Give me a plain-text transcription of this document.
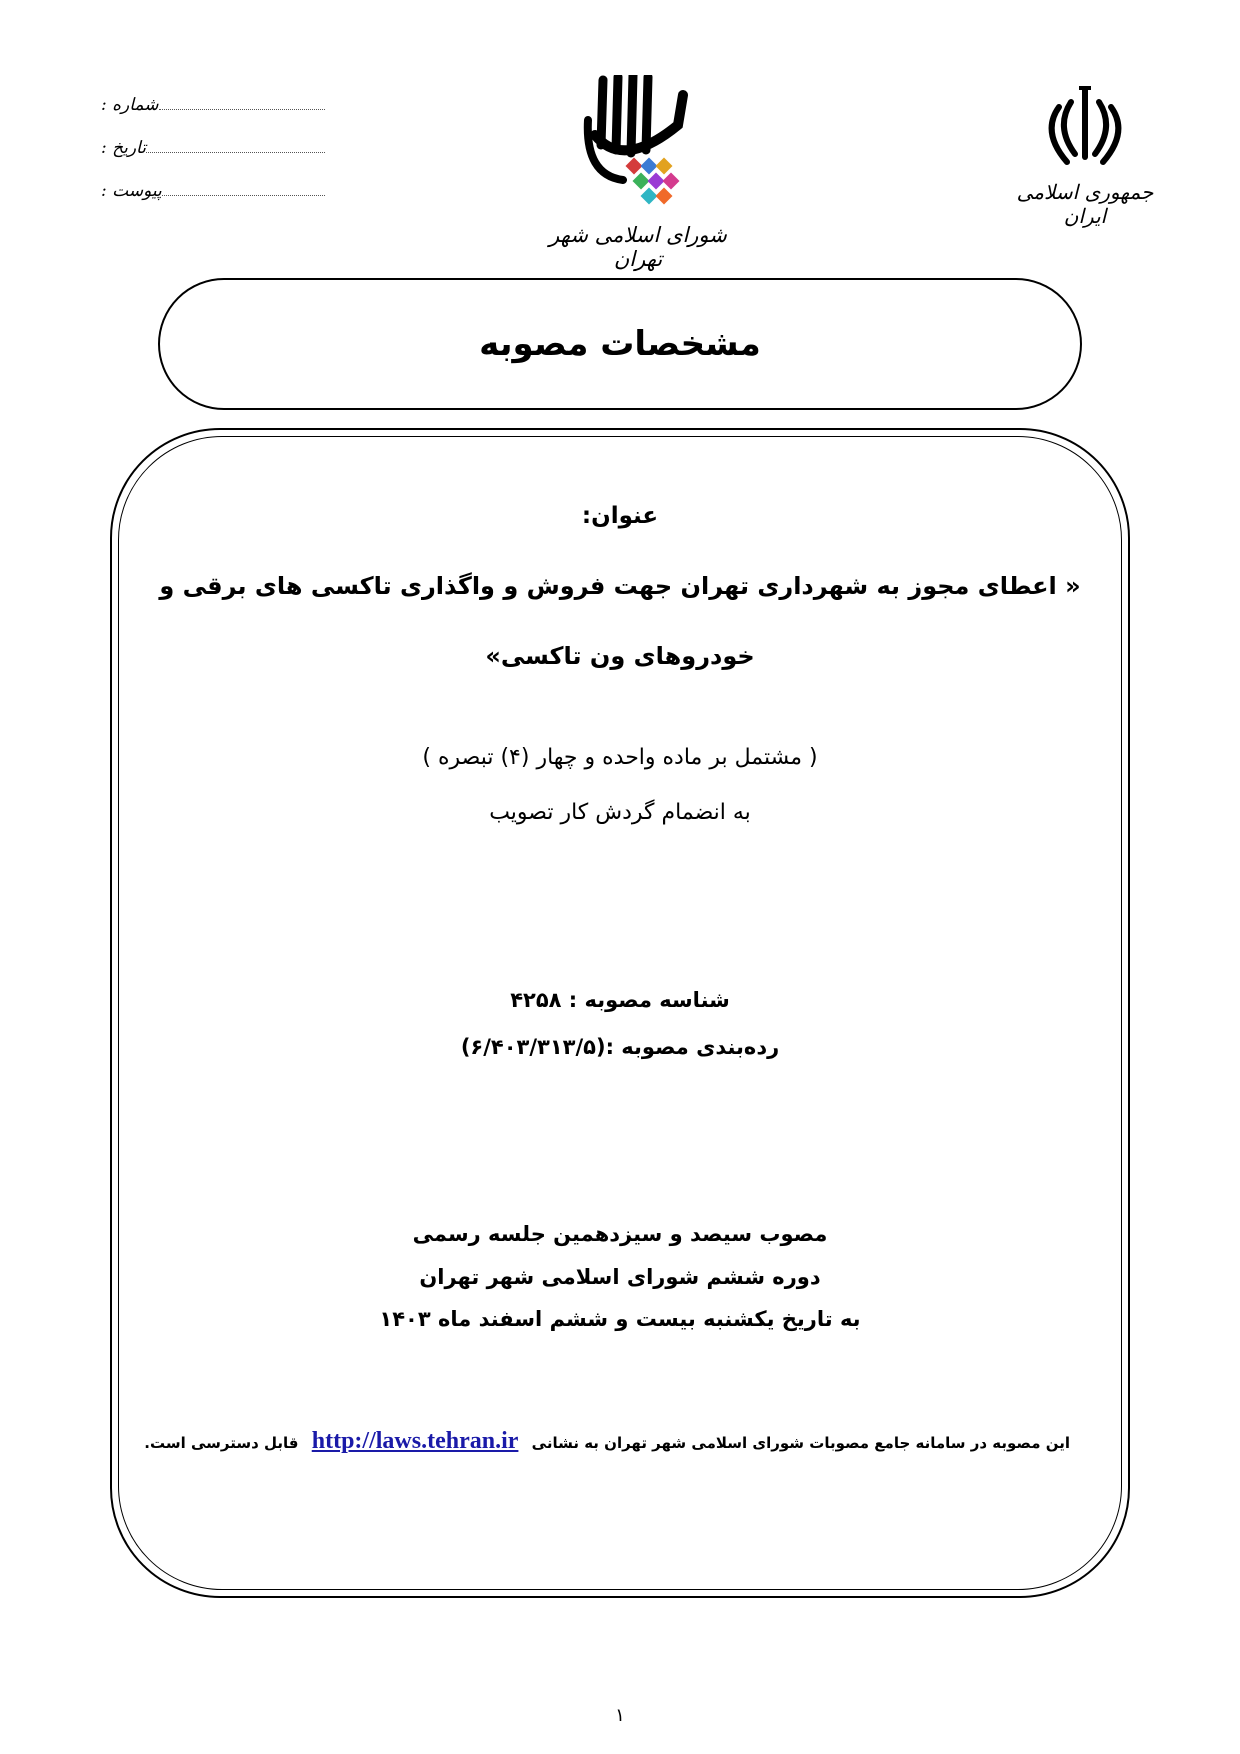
شماره :
تاریخ :
پیوست :
شورای اسلامی شهر تهران
جمهوری اسلامی ایران
مشخصات مصوبه
عنوان:
« اعطای مجوز به شهرداری تهران جهت فروش و واگذاری تاکسی های برقی و
خودروهای ون تاکسی»
( مشتمل بر ماده واحده و چهار (۴) تبصره )
به انضمام گردش کار تصویب
شناسه مصوبه : ۴۲۵۸
رده‌بندی مصوبه :(۶/۴۰۳/۳۱۳/۵)
مصوب سیصد و سیزدهمین جلسه رسمی
دوره ششم شورای اسلامی شهر تهران
به تاریخ یکشنبه بیست و ششم اسفند ماه ۱۴۰۳
این مصوبه در سامانه جامع مصوبات شورای اسلامی شهر تهران به نشانی http://laws.tehran.ir قابل دسترسی است.
۱
